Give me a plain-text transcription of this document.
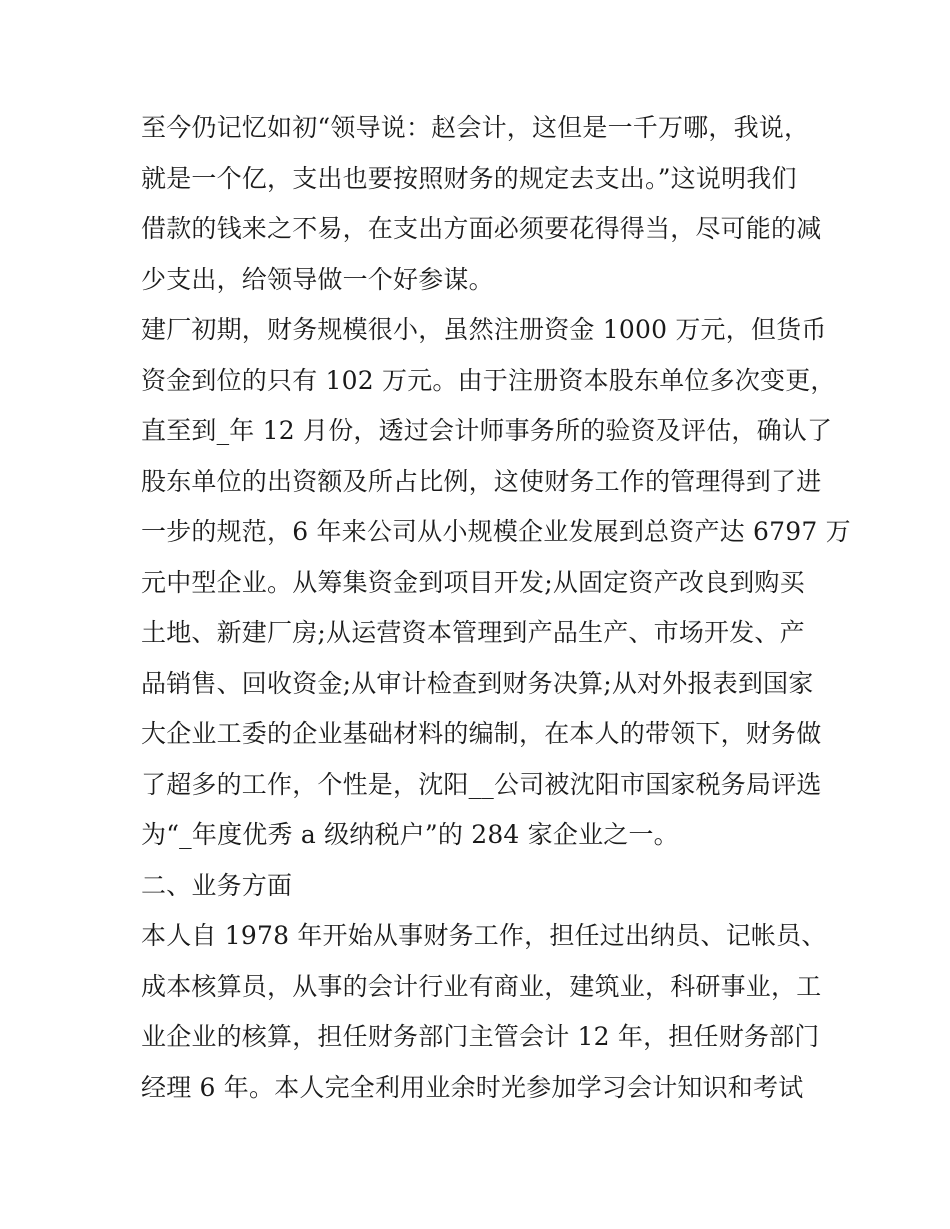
至今仍记忆如初“领导说：赵会计，这但是一千万哪，我说，
就是一个亿，支出也要按照财务的规定去支出。”这说明我们
借款的钱来之不易，在支出方面必须要花得得当，尽可能的减
少支出，给领导做一个好参谋。
建厂初期，财务规模很小，虽然注册资金 1000 万元，但货币
资金到位的只有 102 万元。由于注册资本股东单位多次变更，
直至到_年 12 月份，透过会计师事务所的验资及评估，确认了
股东单位的出资额及所占比例，这使财务工作的管理得到了进
一步的规范，6 年来公司从小规模企业发展到总资产达 6797 万
元中型企业。从筹集资金到项目开发;从固定资产改良到购买
土地、新建厂房;从运营资本管理到产品生产、市场开发、产
品销售、回收资金;从审计检查到财务决算;从对外报表到国家
大企业工委的企业基础材料的编制，在本人的带领下，财务做
了超多的工作，个性是，沈阳__公司被沈阳市国家税务局评选
为“_年度优秀 a 级纳税户”的 284 家企业之一。
二、业务方面
本人自 1978 年开始从事财务工作，担任过出纳员、记帐员、
成本核算员，从事的会计行业有商业，建筑业，科研事业，工
业企业的核算，担任财务部门主管会计 12 年，担任财务部门
经理 6 年。本人完全利用业余时光参加学习会计知识和考试
